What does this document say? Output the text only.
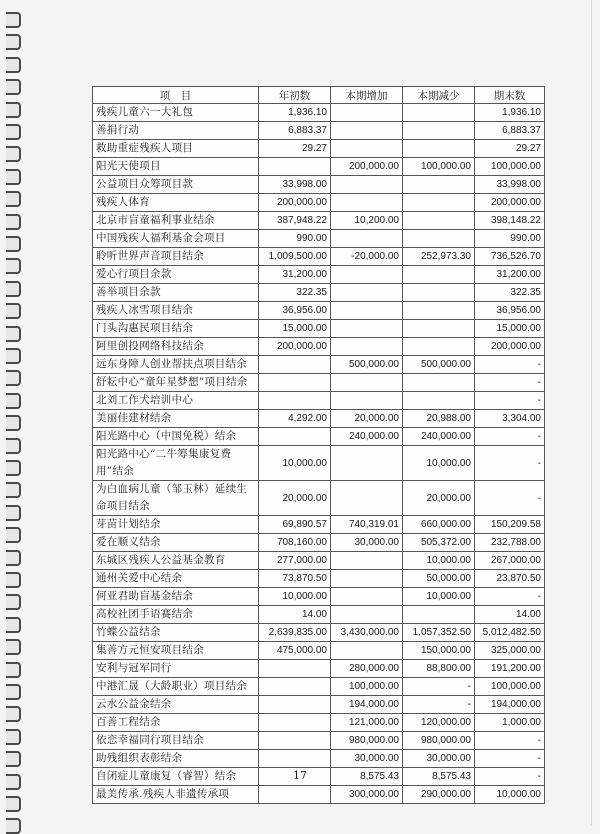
项　目	年初数	本期增加	本期减少	期末数
残疾儿童六一大礼包	1,936.10			1,936.10
善捐行动	6,883.37			6,883.37
救助重症残疾人项目	29.27			29.27
阳光天使项目		200,000.00	100,000.00	100,000.00
公益项目众筹项目款	33,998.00			33,998.00
残疾人体育	200,000.00			200,000.00
北京市盲童福利事业结余	387,948.22	10,200.00		398,148.22
中国残疾人福利基金会项目	990.00			990.00
聆听世界声音项目结余	1,009,500.00	-20,000.00	252,973.30	736,526.70
爱心行项目余款	31,200.00			31,200.00
善举项目余款	322.35			322.35
残疾人冰雪项目结余	36,956.00			36,956.00
门头沟惠民项目结余	15,000.00			15,000.00
阿里创投网络科技结余	200,000.00			200,000.00
远东身障人创业帮扶点项目结余		500,000.00	500,000.00	-
舒耘中心“童年星梦想”项目结余				-
北刘工作犬培训中心				-
美丽佳建材结余	4,292.00	20,000.00	20,988.00	3,304.00
阳光路中心（中国免税）结余		240,000.00	240,000.00	-
阳光路中心“二牛筹集康复费用”结余	10,000.00		10,000.00	-
为白血病儿童（邹玉林）延续生命项目结余	20,000.00		20,000.00	-
芽苗计划结余	69,890.57	740,319.01	660,000.00	150,209.58
爱在顺义结余	708,160.00	30,000.00	505,372.00	232,788.00
东城区残疾人公益基金教育	277,000.00		10,000.00	267,000.00
通州关爱中心结余	73,870.50		50,000.00	23,870.50
何亚君助盲基金结余	10,000.00		10,000.00	-
高校社团手语赛结余	14.00			14.00
竹蝶公益结余	2,639,835.00	3,430,000.00	1,057,352.50	5,012,482.50
集善方元恒安项目结余	475,000.00		150,000.00	325,000.00
安利与冠军同行		280,000.00	88,800.00	191,200.00
中港汇晟（大龄职业）项目结余		100,000.00	-	100,000.00
云水公益金结余		194,000.00	-	194,000.00
百善工程结余		121,000.00	120,000.00	1,000.00
依恋幸福同行项目结余		980,000.00	980,000.00	-
助残组织表彰结余		30,000.00	30,000.00	-
自闭症儿童康复（睿智）结余		8,575.43	8,575.43	-
最美传承.残疾人非遗传承项		300,000.00	290,000.00	10,000.00
17
